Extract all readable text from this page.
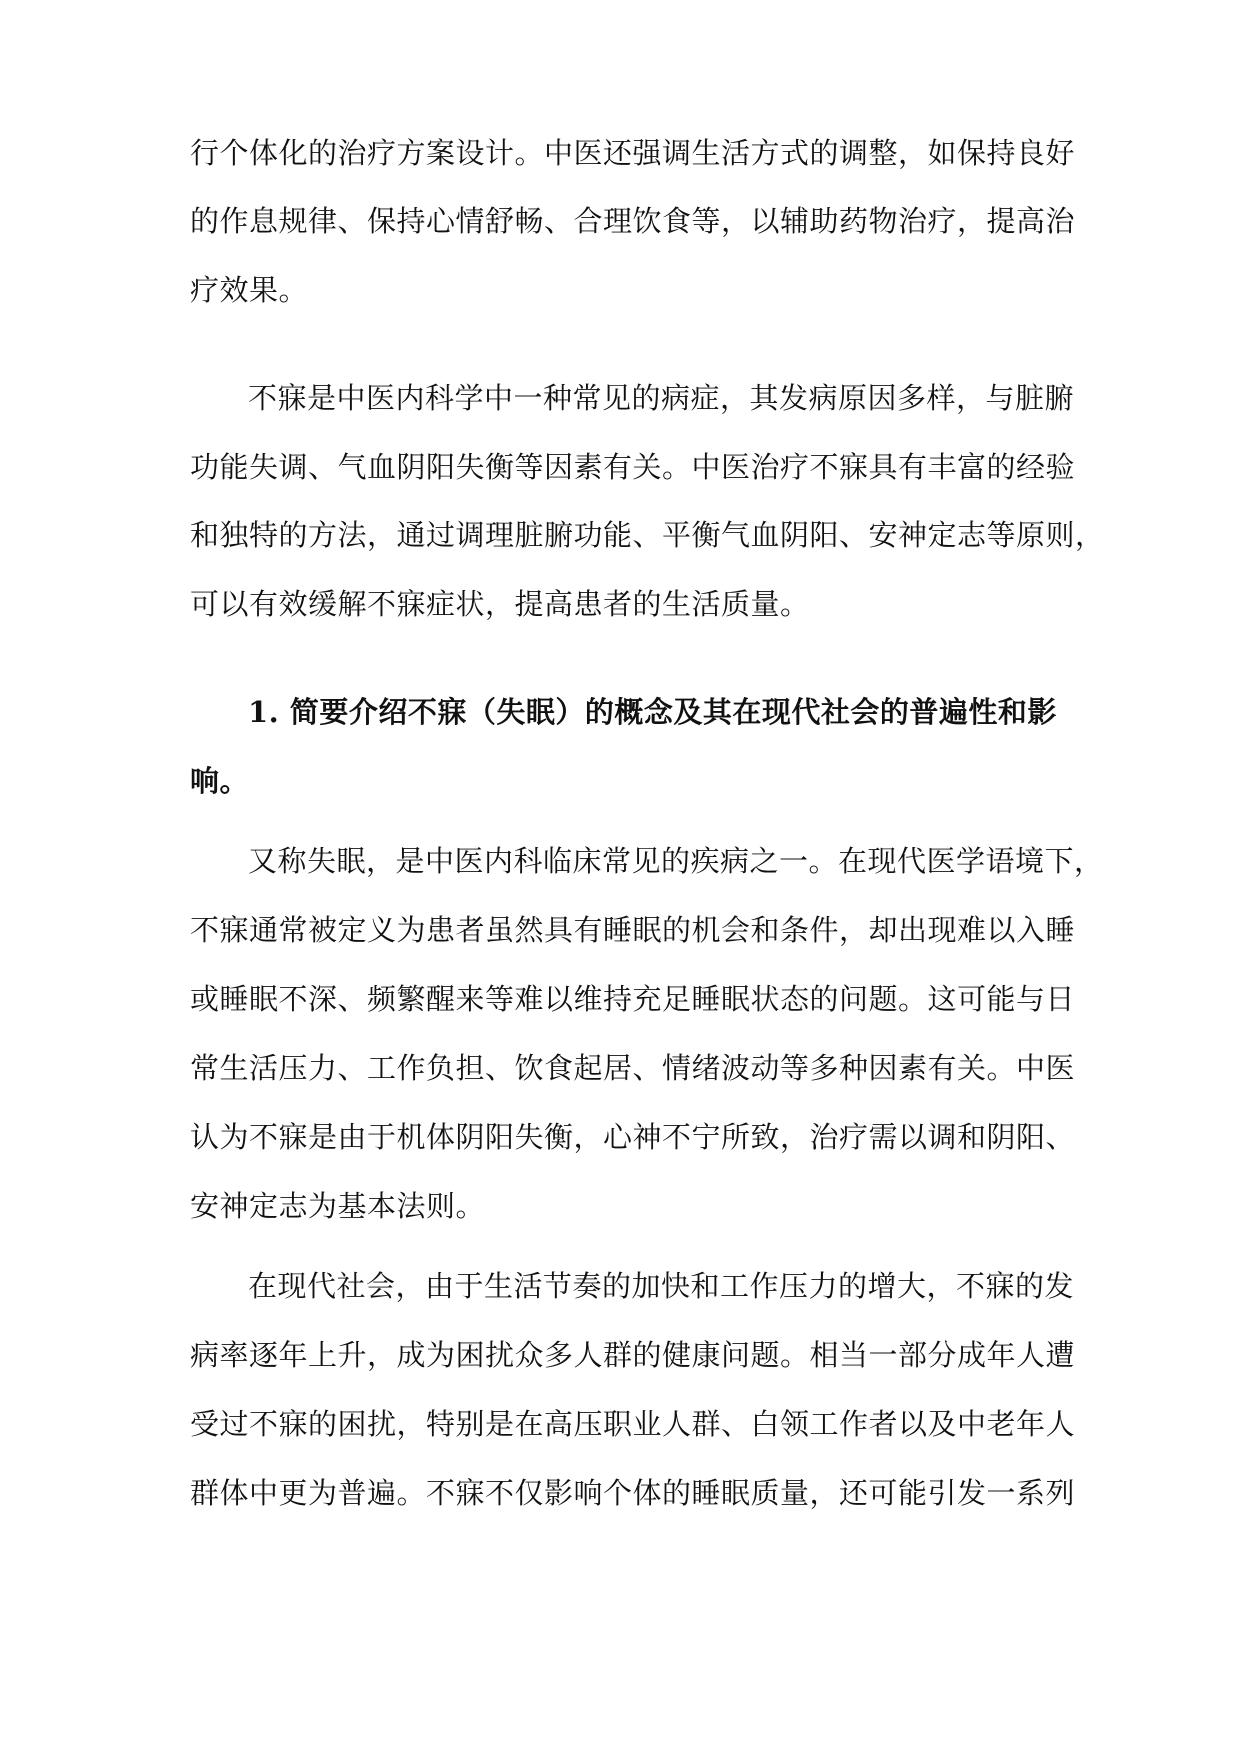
行个体化的治疗方案设计。中医还强调生活方式的调整，如保持良好
的作息规律、保持心情舒畅、合理饮食等，以辅助药物治疗，提高治
疗效果。
不寐是中医内科学中一种常见的病症，其发病原因多样，与脏腑
功能失调、气血阴阳失衡等因素有关。中医治疗不寐具有丰富的经验
和独特的方法，通过调理脏腑功能、平衡气血阴阳、安神定志等原则，
可以有效缓解不寐症状，提高患者的生活质量。
1. 简要介绍不寐（失眠）的概念及其在现代社会的普遍性和影
响。
又称失眠，是中医内科临床常见的疾病之一。在现代医学语境下，
不寐通常被定义为患者虽然具有睡眠的机会和条件，却出现难以入睡
或睡眠不深、频繁醒来等难以维持充足睡眠状态的问题。这可能与日
常生活压力、工作负担、饮食起居、情绪波动等多种因素有关。中医
认为不寐是由于机体阴阳失衡，心神不宁所致，治疗需以调和阴阳、
安神定志为基本法则。
在现代社会，由于生活节奏的加快和工作压力的增大，不寐的发
病率逐年上升，成为困扰众多人群的健康问题。相当一部分成年人遭
受过不寐的困扰，特别是在高压职业人群、白领工作者以及中老年人
群体中更为普遍。不寐不仅影响个体的睡眠质量，还可能引发一系列
